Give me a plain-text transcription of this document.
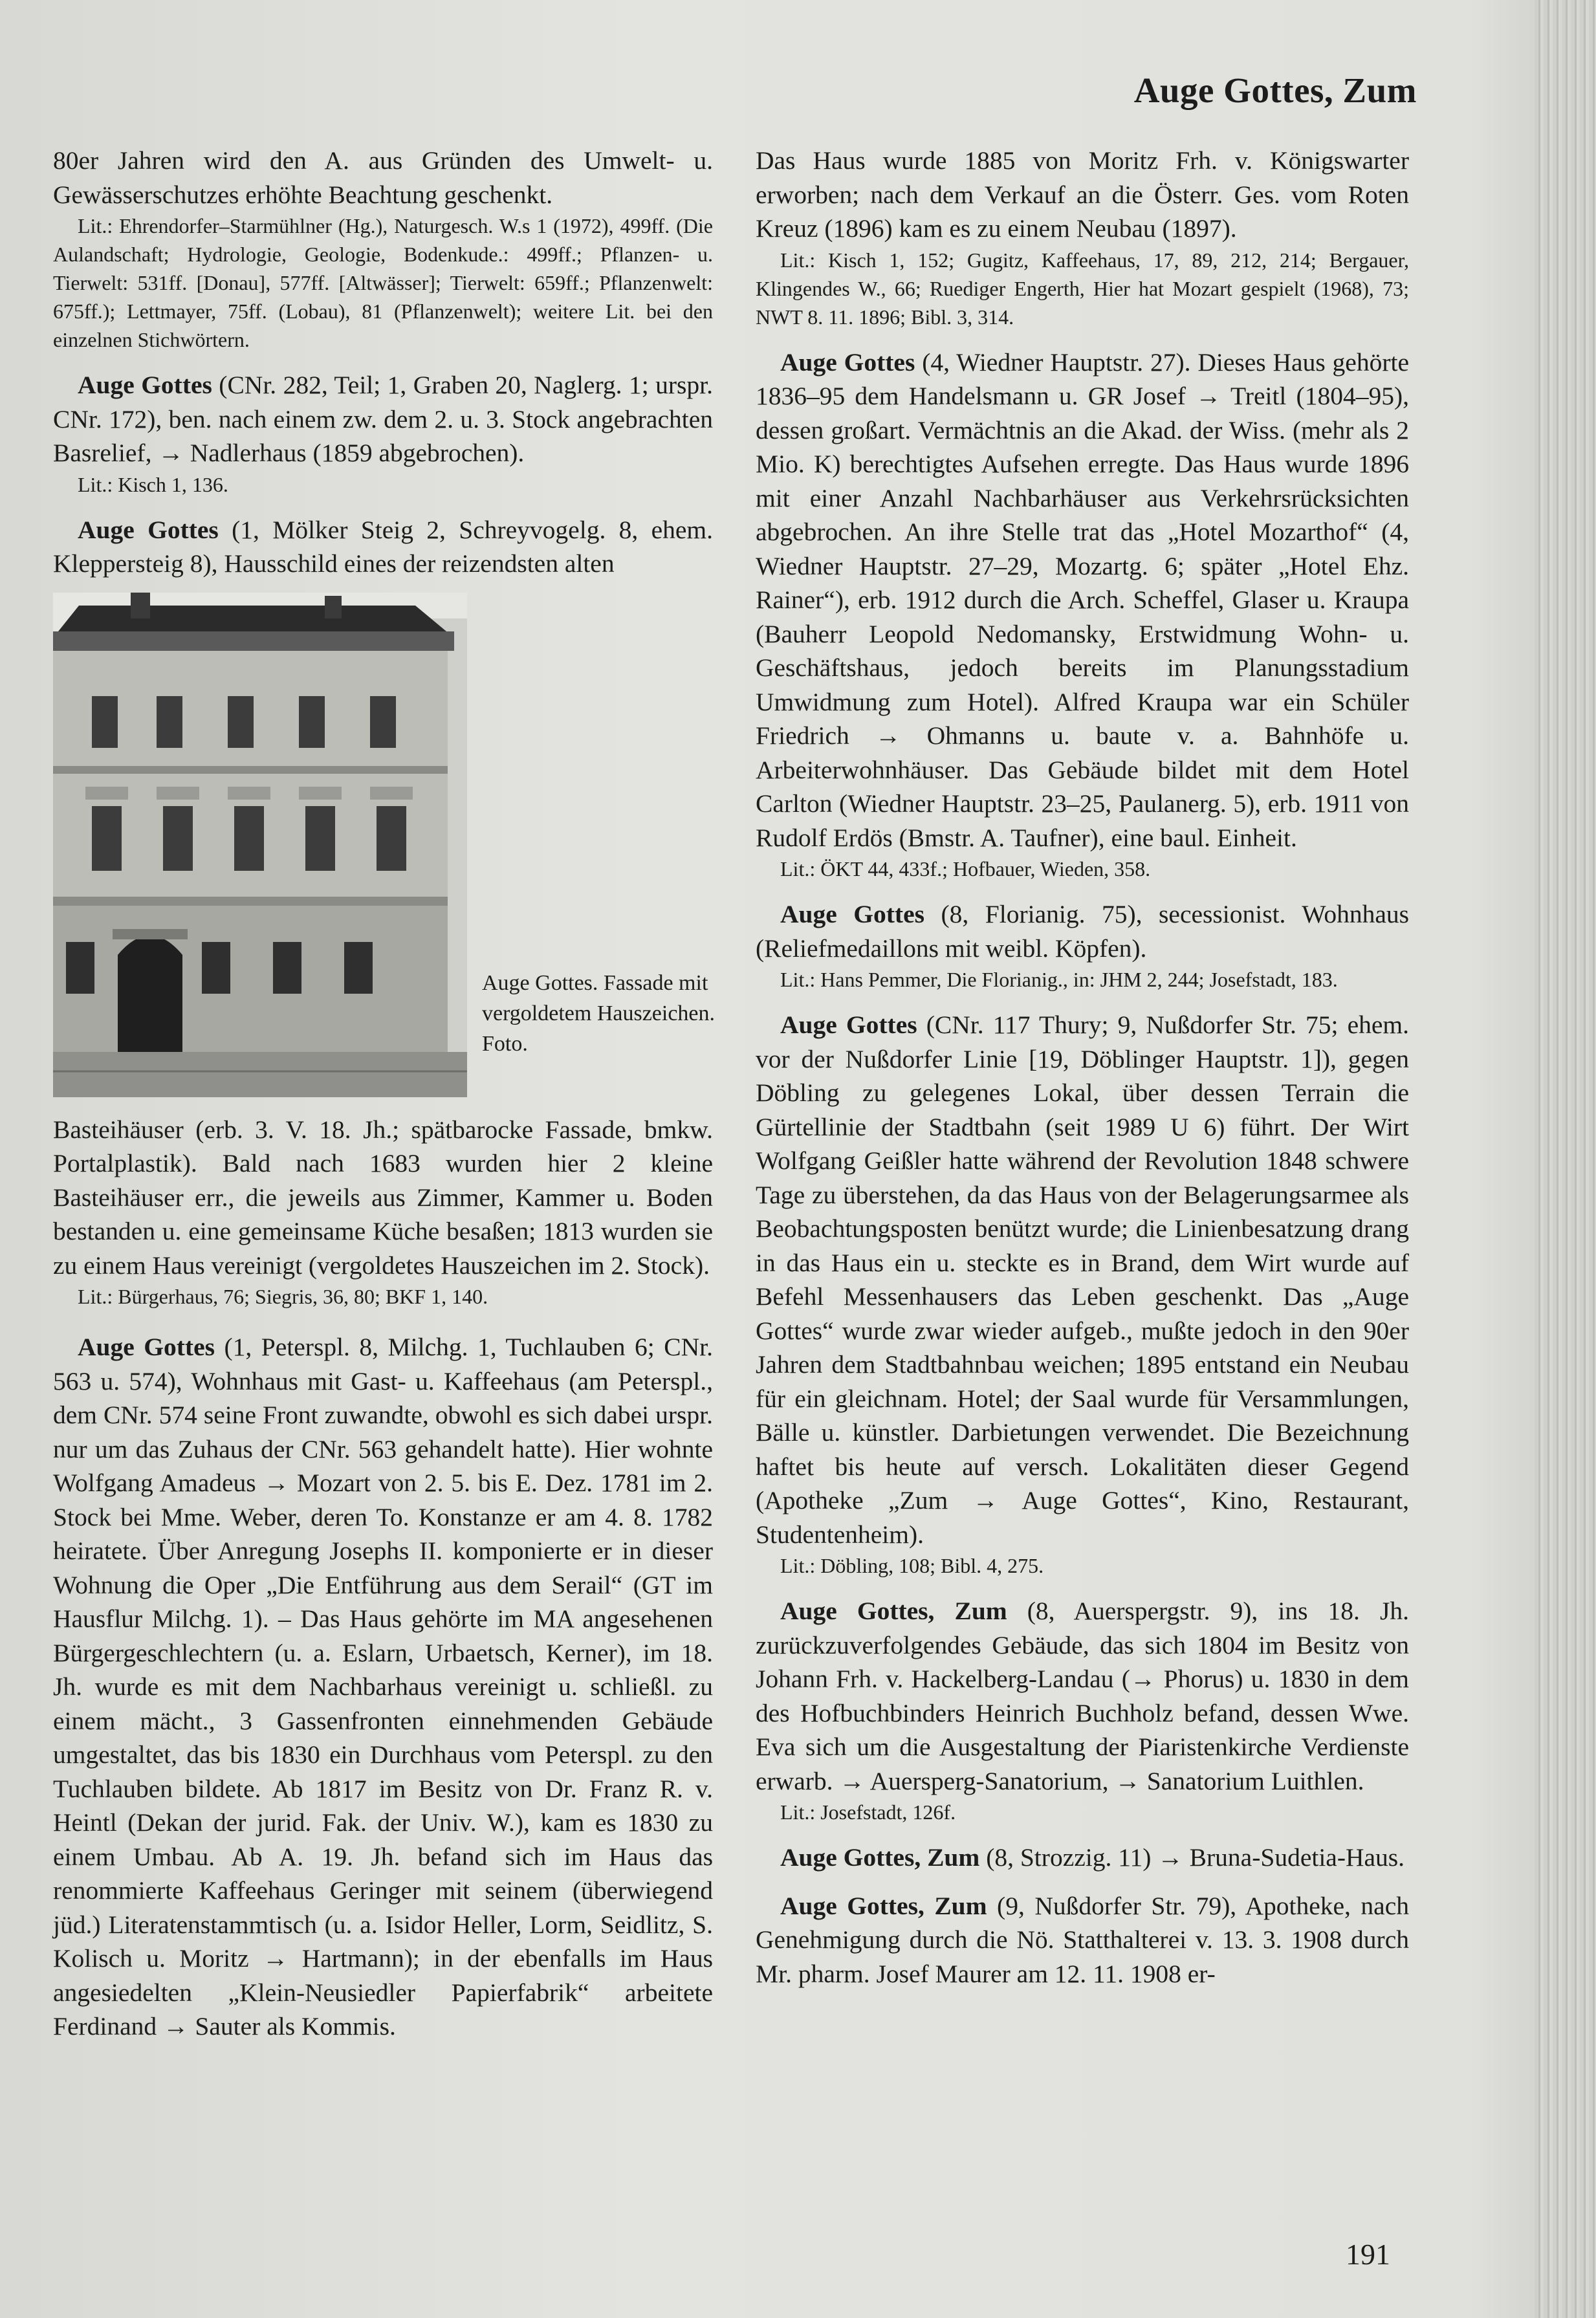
Auge Gottes, Zum

80er Jahren wird den A. aus Gründen des Umwelt- u. Gewässerschutzes erhöhte Beachtung geschenkt.

Lit.: Ehrendorfer–Starmühlner (Hg.), Naturgesch. W.s 1 (1972), 499ff. (Die Aulandschaft; Hydrologie, Geologie, Bodenkude.: 499ff.; Pflanzen- u. Tierwelt: 531ff. [Donau], 577ff. [Altwässer]; Tierwelt: 659ff.; Pflanzenwelt: 675ff.); Lettmayer, 75ff. (Lobau), 81 (Pflanzenwelt); weitere Lit. bei den einzelnen Stichwörtern.

Auge Gottes (CNr. 282, Teil; 1, Graben 20, Naglerg. 1; urspr. CNr. 172), ben. nach einem zw. dem 2. u. 3. Stock angebrachten Basrelief, → Nadlerhaus (1859 abgebrochen).

Lit.: Kisch 1, 136.

Auge Gottes (1, Mölker Steig 2, Schreyvogelg. 8, ehem. Kleppersteig 8), Hausschild eines der reizendsten alten

Auge Gottes. Fassade mit vergoldetem Hauszeichen. Foto.

Basteihäuser (erb. 3. V. 18. Jh.; spätbarocke Fassade, bmkw. Portalplastik). Bald nach 1683 wurden hier 2 kleine Basteihäuser err., die jeweils aus Zimmer, Kammer u. Boden bestanden u. eine gemeinsame Küche besaßen; 1813 wurden sie zu einem Haus vereinigt (vergoldetes Hauszeichen im 2. Stock).

Lit.: Bürgerhaus, 76; Siegris, 36, 80; BKF 1, 140.

Auge Gottes (1, Peterspl. 8, Milchg. 1, Tuchlauben 6; CNr. 563 u. 574), Wohnhaus mit Gast- u. Kaffeehaus (am Peterspl., dem CNr. 574 seine Front zuwandte, obwohl es sich dabei urspr. nur um das Zuhaus der CNr. 563 gehandelt hatte). Hier wohnte Wolfgang Amadeus → Mozart von 2. 5. bis E. Dez. 1781 im 2. Stock bei Mme. Weber, deren To. Konstanze er am 4. 8. 1782 heiratete. Über Anregung Josephs II. komponierte er in dieser Wohnung die Oper „Die Entführung aus dem Serail“ (GT im Hausflur Milchg. 1). – Das Haus gehörte im MA angesehenen Bürgergeschlechtern (u. a. Eslarn, Urbaetsch, Kerner), im 18. Jh. wurde es mit dem Nachbarhaus vereinigt u. schließl. zu einem mächt., 3 Gassenfronten einnehmenden Gebäude umgestaltet, das bis 1830 ein Durchhaus vom Peterspl. zu den Tuchlauben bildete. Ab 1817 im Besitz von Dr. Franz R. v. Heintl (Dekan der jurid. Fak. der Univ. W.), kam es 1830 zu einem Umbau. Ab A. 19. Jh. befand sich im Haus das renommierte Kaffeehaus Geringer mit seinem (überwiegend jüd.) Literatenstammtisch (u. a. Isidor Heller, Lorm, Seidlitz, S. Kolisch u. Moritz → Hartmann); in der ebenfalls im Haus angesiedelten „Klein-Neusiedler Papierfabrik“ arbeitete Ferdinand → Sauter als Kommis.

Das Haus wurde 1885 von Moritz Frh. v. Königswarter erworben; nach dem Verkauf an die Österr. Ges. vom Roten Kreuz (1896) kam es zu einem Neubau (1897).

Lit.: Kisch 1, 152; Gugitz, Kaffeehaus, 17, 89, 212, 214; Bergauer, Klingendes W., 66; Ruediger Engerth, Hier hat Mozart gespielt (1968), 73; NWT 8. 11. 1896; Bibl. 3, 314.

Auge Gottes (4, Wiedner Hauptstr. 27). Dieses Haus gehörte 1836–95 dem Handelsmann u. GR Josef → Treitl (1804–95), dessen großart. Vermächtnis an die Akad. der Wiss. (mehr als 2 Mio. K) berechtigtes Aufsehen erregte. Das Haus wurde 1896 mit einer Anzahl Nachbarhäuser aus Verkehrsrücksichten abgebrochen. An ihre Stelle trat das „Hotel Mozarthof“ (4, Wiedner Hauptstr. 27–29, Mozartg. 6; später „Hotel Ehz. Rainer“), erb. 1912 durch die Arch. Scheffel, Glaser u. Kraupa (Bauherr Leopold Nedomansky, Erstwidmung Wohn- u. Geschäftshaus, jedoch bereits im Planungsstadium Umwidmung zum Hotel). Alfred Kraupa war ein Schüler Friedrich → Ohmanns u. baute v. a. Bahnhöfe u. Arbeiterwohnhäuser. Das Gebäude bildet mit dem Hotel Carlton (Wiedner Hauptstr. 23–25, Paulanerg. 5), erb. 1911 von Rudolf Erdös (Bmstr. A. Taufner), eine baul. Einheit.

Lit.: ÖKT 44, 433f.; Hofbauer, Wieden, 358.

Auge Gottes (8, Florianig. 75), secessionist. Wohnhaus (Reliefmedaillons mit weibl. Köpfen).

Lit.: Hans Pemmer, Die Florianig., in: JHM 2, 244; Josefstadt, 183.

Auge Gottes (CNr. 117 Thury; 9, Nußdorfer Str. 75; ehem. vor der Nußdorfer Linie [19, Döblinger Hauptstr. 1]), gegen Döbling zu gelegenes Lokal, über dessen Terrain die Gürtellinie der Stadtbahn (seit 1989 U 6) führt. Der Wirt Wolfgang Geißler hatte während der Revolution 1848 schwere Tage zu überstehen, da das Haus von der Belagerungsarmee als Beobachtungsposten benützt wurde; die Linienbesatzung drang in das Haus ein u. steckte es in Brand, dem Wirt wurde auf Befehl Messenhausers das Leben geschenkt. Das „Auge Gottes“ wurde zwar wieder aufgeb., mußte jedoch in den 90er Jahren dem Stadtbahnbau weichen; 1895 entstand ein Neubau für ein gleichnam. Hotel; der Saal wurde für Versammlungen, Bälle u. künstler. Darbietungen verwendet. Die Bezeichnung haftet bis heute auf versch. Lokalitäten dieser Gegend (Apotheke „Zum → Auge Gottes“, Kino, Restaurant, Studentenheim).

Lit.: Döbling, 108; Bibl. 4, 275.

Auge Gottes, Zum (8, Auerspergstr. 9), ins 18. Jh. zurückzuverfolgendes Gebäude, das sich 1804 im Besitz von Johann Frh. v. Hackelberg-Landau (→ Phorus) u. 1830 in dem des Hofbuchbinders Heinrich Buchholz befand, dessen Wwe. Eva sich um die Ausgestaltung der Piaristenkirche Verdienste erwarb. → Auersperg-Sanatorium, → Sanatorium Luithlen.

Lit.: Josefstadt, 126f.

Auge Gottes, Zum (8, Strozzig. 11) → Bruna-Sudetia-Haus.

Auge Gottes, Zum (9, Nußdorfer Str. 79), Apotheke, nach Genehmigung durch die Nö. Statthalterei v. 13. 3. 1908 durch Mr. pharm. Josef Maurer am 12. 11. 1908 er-

191
